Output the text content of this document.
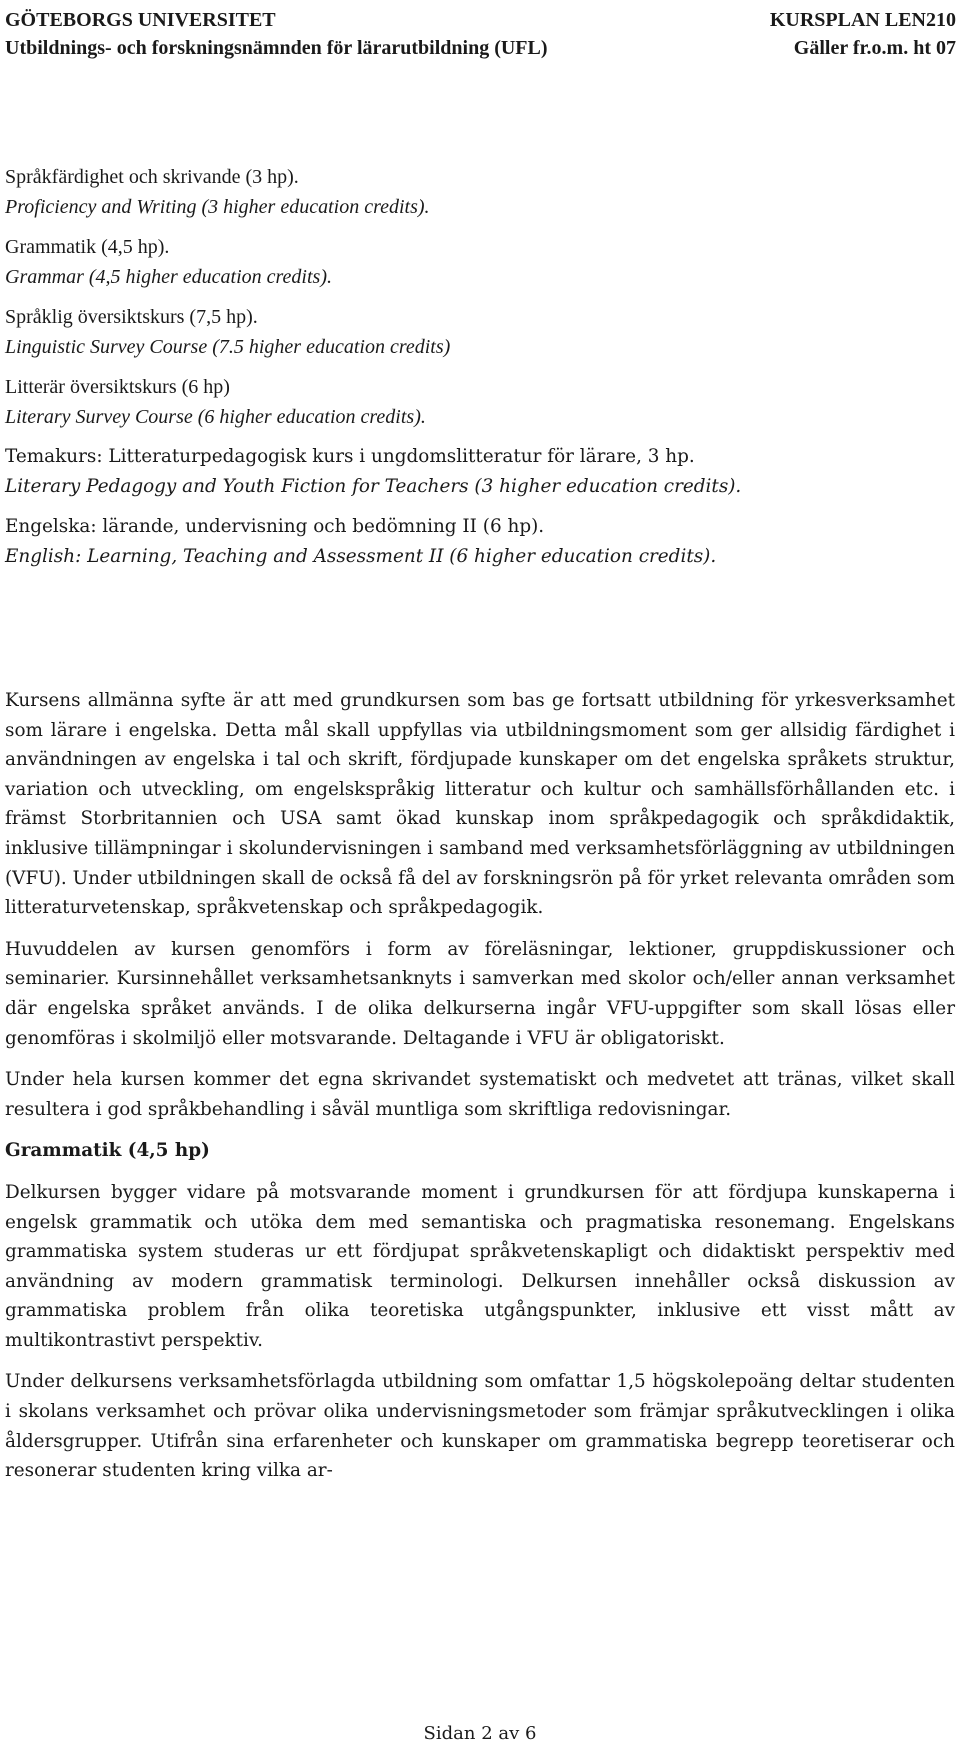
GÖTEBORGS UNIVERSITET	KURSPLAN LEN210
Utbildnings- och forskningsnämnden för lärarutbildning (UFL)	Gäller fr.o.m. ht 07
Språkfärdighet och skrivande (3 hp).
Proficiency and Writing (3 higher education credits).
Grammatik (4,5 hp).
Grammar (4,5 higher education credits).
Språklig översiktskurs (7,5 hp).
Linguistic Survey Course (7.5 higher education credits)
Litterär översiktskurs (6 hp)
Literary Survey Course (6 higher education credits).
Temakurs: Litteraturpedagogisk kurs i ungdomslitteratur för lärare, 3 hp.
Literary Pedagogy and Youth Fiction for Teachers (3 higher education credits).
Engelska: lärande, undervisning och bedömning II (6 hp).
English: Learning, Teaching and Assessment II (6 higher education credits).

Kursens allmänna syfte är att med grundkursen som bas ge fortsatt utbildning för yrkesverksamhet som lärare i engelska. Detta mål skall uppfyllas via utbildningsmoment som ger allsidig färdighet i användningen av engelska i tal och skrift, fördjupade kunskaper om det engelska språkets struktur, variation och utveckling, om engelskspråkig litteratur och kultur och samhällsförhållanden etc. i främst Storbritannien och USA samt ökad kunskap inom språkpedagogik och språkdidaktik, inklusive tillämpningar i skolundervisningen i samband med verksamhetsförläggning av utbildningen (VFU). Under utbildningen skall de också få del av forskningsrön på för yrket relevanta områden som litteraturvetenskap, språkvetenskap och språkpedagogik.

Huvuddelen av kursen genomförs i form av föreläsningar, lektioner, gruppdiskussioner och seminarier. Kursinnehållet verksamhetsanknyts i samverkan med skolor och/eller annan verksamhet där engelska språket används. I de olika delkurserna ingår VFU-uppgifter som skall lösas eller genomföras i skolmiljö eller motsvarande. Deltagande i VFU är obligatoriskt.

Under hela kursen kommer det egna skrivandet systematiskt och medvetet att tränas, vilket skall resultera i god språkbehandling i såväl muntliga som skriftliga redovisningar.

Grammatik (4,5 hp)

Delkursen bygger vidare på motsvarande moment i grundkursen för att fördjupa kunskaperna i engelsk grammatik och utöka dem med semantiska och pragmatiska resonemang. Engelskans grammatiska system studeras ur ett fördjupat språkvetenskapligt och didaktiskt perspektiv med användning av modern grammatisk terminologi. Delkursen innehåller också diskussion av grammatiska problem från olika teoretiska utgångspunkter, inklusive ett visst mått av multikontrastivt perspektiv.

Under delkursens verksamhetsförlagda utbildning som omfattar 1,5 högskolepoäng deltar studenten i skolans verksamhet och prövar olika undervisningsmetoder som främjar språkutvecklingen i olika åldersgrupper. Utifrån sina erfarenheter och kunskaper om grammatiska begrepp teoretiserar och resonerar studenten kring vilka ar-

Sidan 2 av 6
